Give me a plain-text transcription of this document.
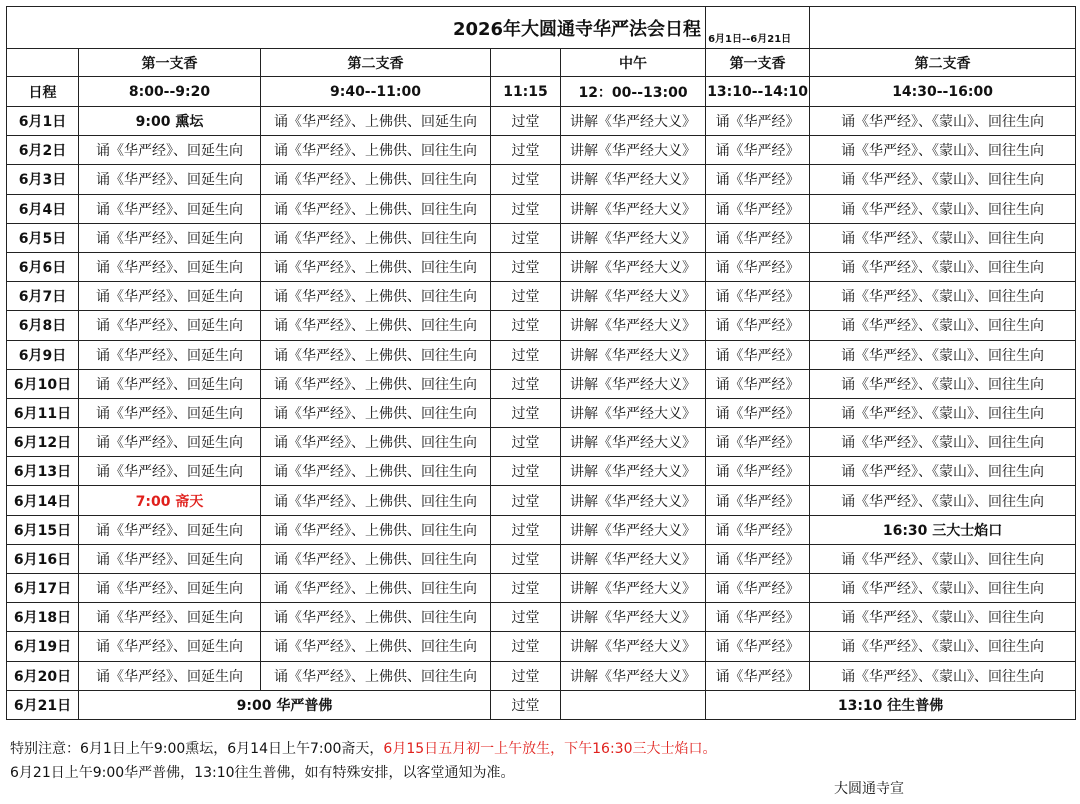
2026年大圆通寺华严法会日程					6月1日--6月21日	
	第一支香	第二支香		中午	第一支香	第二支香
日程	8:00--9:20	9:40--11:00	11:15	12：00--13:00	13:10--14:10	14:30--16:00
6月1日	9:00 熏坛	诵《华严经》、上佛供、回延生向	过堂	讲解《华严经大义》	诵《华严经》	诵《华严经》、《蒙山》、回往生向
6月2日	诵《华严经》、回延生向	诵《华严经》、上佛供、回往生向	过堂	讲解《华严经大义》	诵《华严经》	诵《华严经》、《蒙山》、回往生向
6月3日	诵《华严经》、回延生向	诵《华严经》、上佛供、回往生向	过堂	讲解《华严经大义》	诵《华严经》	诵《华严经》、《蒙山》、回往生向
6月4日	诵《华严经》、回延生向	诵《华严经》、上佛供、回往生向	过堂	讲解《华严经大义》	诵《华严经》	诵《华严经》、《蒙山》、回往生向
6月5日	诵《华严经》、回延生向	诵《华严经》、上佛供、回往生向	过堂	讲解《华严经大义》	诵《华严经》	诵《华严经》、《蒙山》、回往生向
6月6日	诵《华严经》、回延生向	诵《华严经》、上佛供、回往生向	过堂	讲解《华严经大义》	诵《华严经》	诵《华严经》、《蒙山》、回往生向
6月7日	诵《华严经》、回延生向	诵《华严经》、上佛供、回往生向	过堂	讲解《华严经大义》	诵《华严经》	诵《华严经》、《蒙山》、回往生向
6月8日	诵《华严经》、回延生向	诵《华严经》、上佛供、回往生向	过堂	讲解《华严经大义》	诵《华严经》	诵《华严经》、《蒙山》、回往生向
6月9日	诵《华严经》、回延生向	诵《华严经》、上佛供、回往生向	过堂	讲解《华严经大义》	诵《华严经》	诵《华严经》、《蒙山》、回往生向
6月10日	诵《华严经》、回延生向	诵《华严经》、上佛供、回往生向	过堂	讲解《华严经大义》	诵《华严经》	诵《华严经》、《蒙山》、回往生向
6月11日	诵《华严经》、回延生向	诵《华严经》、上佛供、回往生向	过堂	讲解《华严经大义》	诵《华严经》	诵《华严经》、《蒙山》、回往生向
6月12日	诵《华严经》、回延生向	诵《华严经》、上佛供、回往生向	过堂	讲解《华严经大义》	诵《华严经》	诵《华严经》、《蒙山》、回往生向
6月13日	诵《华严经》、回延生向	诵《华严经》、上佛供、回往生向	过堂	讲解《华严经大义》	诵《华严经》	诵《华严经》、《蒙山》、回往生向
6月14日	7:00 斋天	诵《华严经》、上佛供、回往生向	过堂	讲解《华严经大义》	诵《华严经》	诵《华严经》、《蒙山》、回往生向
6月15日	诵《华严经》、回延生向	诵《华严经》、上佛供、回往生向	过堂	讲解《华严经大义》	诵《华严经》	16:30 三大士焰口
6月16日	诵《华严经》、回延生向	诵《华严经》、上佛供、回往生向	过堂	讲解《华严经大义》	诵《华严经》	诵《华严经》、《蒙山》、回往生向
6月17日	诵《华严经》、回延生向	诵《华严经》、上佛供、回往生向	过堂	讲解《华严经大义》	诵《华严经》	诵《华严经》、《蒙山》、回往生向
6月18日	诵《华严经》、回延生向	诵《华严经》、上佛供、回往生向	过堂	讲解《华严经大义》	诵《华严经》	诵《华严经》、《蒙山》、回往生向
6月19日	诵《华严经》、回延生向	诵《华严经》、上佛供、回往生向	过堂	讲解《华严经大义》	诵《华严经》	诵《华严经》、《蒙山》、回往生向
6月20日	诵《华严经》、回延生向	诵《华严经》、上佛供、回往生向	过堂	讲解《华严经大义》	诵《华严经》	诵《华严经》、《蒙山》、回往生向
6月21日	9:00 华严普佛		过堂		13:10 往生普佛	
特别注意：6月1日上午9:00熏坛，6月14日上午7:00斋天，6月15日五月初一上午放生，下午16:30三大士焰口。
6月21日上午9:00华严普佛，13:10往生普佛，如有特殊安排，以客堂通知为准。
大圆通寺宣
